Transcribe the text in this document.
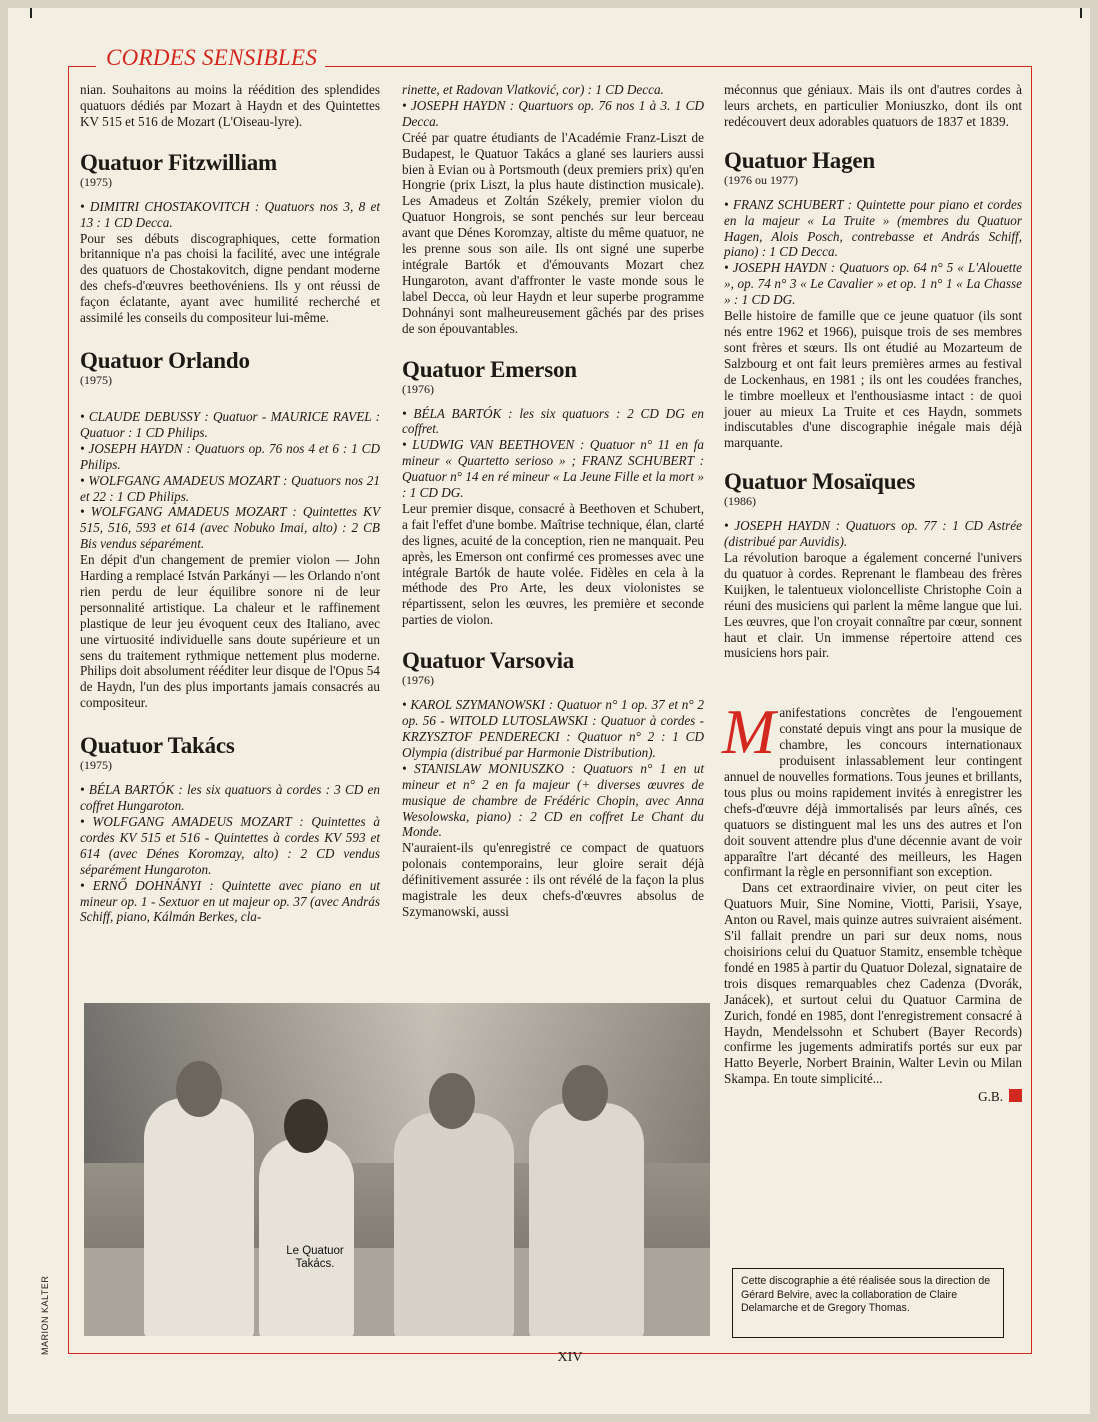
CORDES SENSIBLES

nian. Souhaitons au moins la réédition des splendides quatuors dédiés par Mozart à Haydn et des Quintettes KV 515 et 516 de Mozart (L'Oiseau-lyre).

Quatuor Fitzwilliam
(1975)

• DIMITRI CHOSTAKOVITCH : Quatuors nos 3, 8 et 13 : 1 CD Decca.

Pour ses débuts discographiques, cette formation britannique n'a pas choisi la facilité, avec une intégrale des quatuors de Chostakovitch, digne pendant moderne des chefs-d'œuvres beethovéniens. Ils y ont réussi de façon éclatante, ayant avec humilité recherché et assimilé les conseils du compositeur lui-même.

Quatuor Orlando
(1975)

• CLAUDE DEBUSSY : Quatuor - MAURICE RAVEL : Quatuor : 1 CD Philips.

• JOSEPH HAYDN : Quatuors op. 76 nos 4 et 6 : 1 CD Philips.

• WOLFGANG AMADEUS MOZART : Quatuors nos 21 et 22 : 1 CD Philips.

• WOLFGANG AMADEUS MOZART : Quintettes KV 515, 516, 593 et 614 (avec Nobuko Imai, alto) : 2 CB Bis vendus séparément.

En dépit d'un changement de premier violon — John Harding a remplacé István Parkányi — les Orlando n'ont rien perdu de leur équilibre sonore ni de leur personnalité artistique. La chaleur et le raffinement plastique de leur jeu évoquent ceux des Italiano, avec une virtuosité individuelle sans doute supérieure et un sens du traitement rythmique nettement plus moderne. Philips doit absolument rééditer leur disque de l'Opus 54 de Haydn, l'un des plus importants jamais consacrés au compositeur.

Quatuor Takács
(1975)

• BÉLA BARTÓK : les six quatuors à cordes : 3 CD en coffret Hungaroton.

• WOLFGANG AMADEUS MOZART : Quintettes à cordes KV 515 et 516 - Quintettes à cordes KV 593 et 614 (avec Dénes Koromzay, alto) : 2 CD vendus séparément Hungaroton.

• ERNŐ DOHNÁNYI : Quintette avec piano en ut mineur op. 1 - Sextuor en ut majeur op. 37 (avec András Schiff, piano, Kálmán Berkes, cla-

rinette, et Radovan Vlatković, cor) : 1 CD Decca.

• JOSEPH HAYDN : Quartuors op. 76 nos 1 à 3. 1 CD Decca.

Créé par quatre étudiants de l'Académie Franz-Liszt de Budapest, le Quatuor Takács a glané ses lauriers aussi bien à Evian ou à Portsmouth (deux premiers prix) qu'en Hongrie (prix Liszt, la plus haute distinction musicale). Les Amadeus et Zoltán Székely, premier violon du Quatuor Hongrois, se sont penchés sur leur berceau avant que Dénes Koromzay, altiste du même quatuor, ne les prenne sous son aile. Ils ont signé une superbe intégrale Bartók et d'émouvants Mozart chez Hungaroton, avant d'affronter le vaste monde sous le label Decca, où leur Haydn et leur superbe programme Dohnányi sont malheureusement gâchés par des prises de son épouvantables.

Quatuor Emerson
(1976)

• BÉLA BARTÓK : les six quatuors : 2 CD DG en coffret.

• LUDWIG VAN BEETHOVEN : Quatuor n° 11 en fa mineur « Quartetto serioso » ; FRANZ SCHUBERT : Quatuor n° 14 en ré mineur « La Jeune Fille et la mort » : 1 CD DG.

Leur premier disque, consacré à Beethoven et Schubert, a fait l'effet d'une bombe. Maîtrise technique, élan, clarté des lignes, acuité de la conception, rien ne manquait. Peu après, les Emerson ont confirmé ces promesses avec une intégrale Bartók de haute volée. Fidèles en cela à la méthode des Pro Arte, les deux violonistes se répartissent, selon les œuvres, les première et seconde parties de violon.

Quatuor Varsovia
(1976)

• KAROL SZYMANOWSKI : Quatuor n° 1 op. 37 et n° 2 op. 56 - WITOLD LUTOSLAWSKI : Quatuor à cordes - KRZYSZTOF PENDERECKI : Quatuor n° 2 : 1 CD Olympia (distribué par Harmonie Distribution).

• STANISLAW MONIUSZKO : Quatuors n° 1 en ut mineur et n° 2 en fa majeur (+ diverses œuvres de musique de chambre de Frédéric Chopin, avec Anna Wesolowska, piano) : 2 CD en coffret Le Chant du Monde.

N'auraient-ils qu'enregistré ce compact de quatuors polonais contemporains, leur gloire serait déjà définitivement assurée : ils ont révélé de la façon la plus magistrale les deux chefs-d'œuvres absolus de Szymanowski, aussi

méconnus que géniaux. Mais ils ont d'autres cordes à leurs archets, en particulier Moniuszko, dont ils ont redécouvert deux adorables quatuors de 1837 et 1839.

Quatuor Hagen
(1976 ou 1977)

• FRANZ SCHUBERT : Quintette pour piano et cordes en la majeur « La Truite » (membres du Quatuor Hagen, Alois Posch, contrebasse et András Schiff, piano) : 1 CD Decca.

• JOSEPH HAYDN : Quatuors op. 64 n° 5 « L'Alouette », op. 74 n° 3 « Le Cavalier » et op. 1 n° 1 « La Chasse » : 1 CD DG.

Belle histoire de famille que ce jeune quatuor (ils sont nés entre 1962 et 1966), puisque trois de ses membres sont frères et sœurs. Ils ont étudié au Mozarteum de Salzbourg et ont fait leurs premières armes au festival de Lockenhaus, en 1981 ; ils ont les coudées franches, le timbre moelleux et l'enthousiasme intact : de quoi jouer au mieux La Truite et ces Haydn, sommets indiscutables d'une discographie inégale mais déjà marquante.

Quatuor Mosaïques
(1986)

• JOSEPH HAYDN : Quatuors op. 77 : 1 CD Astrée (distribué par Auvidis).

La révolution baroque a également concerné l'univers du quatuor à cordes. Reprenant le flambeau des frères Kuijken, le talentueux violoncelliste Christophe Coin a réuni des musiciens qui parlent la même langue que lui. Les œuvres, que l'on croyait connaître par cœur, sonnent haut et clair. Un immense répertoire attend ces musiciens hors pair.

Manifestations concrètes de l'engouement constaté depuis vingt ans pour la musique de chambre, les concours internationaux produisent inlassablement leur contingent annuel de nouvelles formations. Tous jeunes et brillants, tous plus ou moins rapidement invités à enregistrer les chefs-d'œuvre déjà immortalisés par leurs aînés, ces quatuors se distinguent mal les uns des autres et l'on doit souvent attendre plus d'une décennie avant de voir apparaître l'art décanté des meilleurs, les Hagen confirmant la règle en personnifiant son exception.

Dans cet extraordinaire vivier, on peut citer les Quatuors Muir, Sine Nomine, Viotti, Parisii, Ysaye, Anton ou Ravel, mais quinze autres suivraient aisément. S'il fallait prendre un pari sur deux noms, nous choisirions celui du Quatuor Stamitz, ensemble tchèque fondé en 1985 à partir du Quatuor Dolezal, signataire de trois disques remarquables chez Cadenza (Dvorák, Janácek), et surtout celui du Quatuor Carmina de Zurich, fondé en 1985, dont l'enregistrement consacré à Haydn, Mendelssohn et Schubert (Bayer Records) confirme les jugements admiratifs portés sur eux par Hatto Beyerle, Norbert Brainin, Walter Levin ou Milan Skampa. En toute simplicité...

G.B.
Le Quatuor Takács.
MARION KALTER	Cette discographie a été réalisée sous la direction de Gérard Belvire, avec la collaboration de Claire Delamarche et de Gregory Thomas.
XIV
